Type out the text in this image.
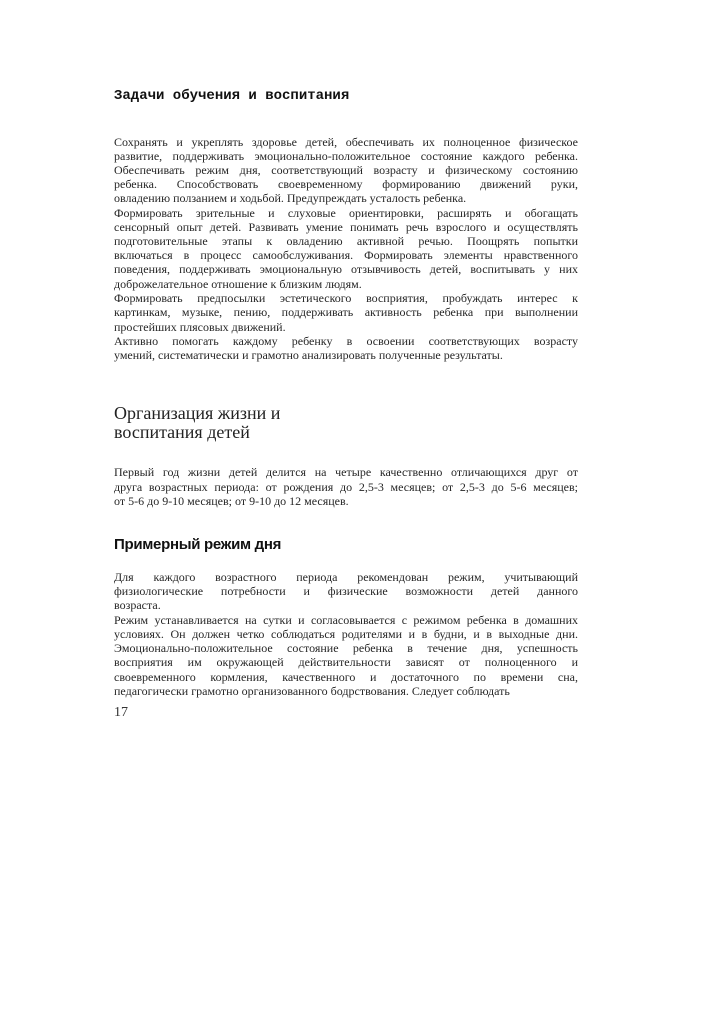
Задачи обучения и воспитания
Сохранять и укреплять здоровье детей, обеспечивать их полноценное физическое
развитие, поддерживать эмоционально-положительное состояние каждого ребенка.
Обеспечивать режим дня, соответствующий возрасту и физическому состоянию
ребенка. Способствовать своевременному формированию движений руки,
овладению ползанием и ходьбой. Предупреждать усталость ребенка.
Формировать зрительные и слуховые ориентировки, расширять и обогащать
сенсорный опыт детей. Развивать умение понимать речь взрослого и осуществлять
подготовительные этапы к овладению активной речью. Поощрять попытки
включаться в процесс самообслуживания. Формировать элементы нравственного
поведения, поддерживать эмоциональную отзывчивость детей, воспитывать у них
доброжелательное отношение к близким людям.
Формировать предпосылки эстетического восприятия, пробуждать интерес к
картинкам, музыке, пению, поддерживать активность ребенка при выполнении
простейших плясовых движений.
Активно помогать каждому ребенку в освоении соответствующих возрасту
умений, систематически и грамотно анализировать полученные результаты.
Организация жизни и
воспитания детей
Первый год жизни детей делится на четыре качественно отличающихся друг от
друга возрастных периода: от рождения до 2,5-3 месяцев; от 2,5-3 до 5-6 месяцев;
от 5-6 до 9-10 месяцев; от 9-10 до 12 месяцев.
Примерный режим дня
Для каждого возрастного периода рекомендован режим, учитывающий
физиологические потребности и физические возможности детей данного
возраста.
Режим устанавливается на сутки и согласовывается с режимом ребенка в домашних
условиях. Он должен четко соблюдаться родителями и в будни, и в выходные дни.
Эмоционально-положительное состояние ребенка в течение дня, успешность
восприятия им окружающей действительности зависят от полноценного и
своевременного кормления, качественного и достаточного по времени сна,
педагогически грамотно организованного бодрствования. Следует соблюдать
17
